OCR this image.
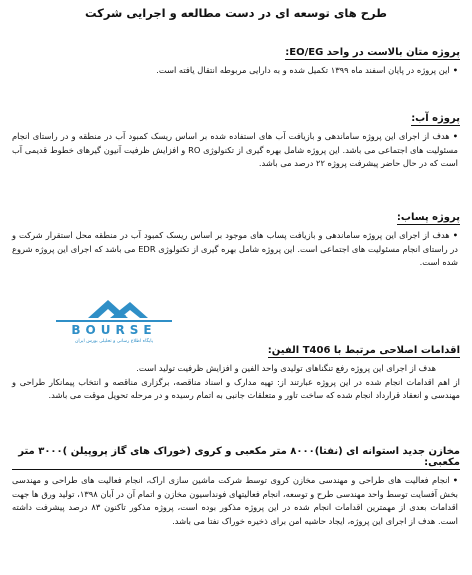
طرح های توسعه ای در دست مطالعه و اجرایی شرکت
پروژه متان بالاست در واحد EO/EG:
•این پروژه در پایان اسفند ماه ۱۳۹۹ تکمیل شده و به دارایی مربوطه انتقال یافته است.
پروژه آب:
•هدف از اجرای این پروژه ساماندهی و بازیافت آب های استفاده شده بر اساس ریسک کمبود آب در منطقه و در راستای انجام مسئولیت های اجتماعی می باشد. این پروژه شامل بهره گیری از تکنولوژی RO و افزایش ظرفیت آنیون گیرهای خطوط قدیمی آب است که در حال حاضر پیشرفت پروژه ۲۲ درصد می باشد.
پروژه پساب:
•هدف از اجرای این پروژه ساماندهی و بازیافت پساب های موجود بر اساس ریسک کمبود آب در منطقه محل استقرار شرکت و در راستای انجام مسئولیت های اجتماعی است. این پروژه شامل بهره گیری از تکنولوژی EDR می باشد که اجرای این پروژه شروع شده است.
21
BOURSE
پایگاه اطلاع رسانی و تحلیلی بورس ایران
اقدامات اصلاحی مرتبط با T406 الفین:
هدف از اجرای این پروژه رفع تنگناهای تولیدی واحد الفین و افزایش ظرفیت تولید است.
از اهم اقدامات انجام شده در این پروژه عبارتند از: تهیه مدارک و اسناد مناقصه، برگزاری مناقصه و انتخاب پیمانکار طراحی و مهندسی و انعقاد قرارداد انجام شده که ساخت تاور و متعلقات جانبی به اتمام رسیده و در مرحله تحویل موقت می باشد.
مخازن جدید استوانه ای (نفتا)۸۰۰۰ متر مکعبی و کروی (خوراک های گاز پروپیلن )۳۰۰۰ متر مکعبی:
•انجام فعالیت های طراحی و مهندسی مخازن کروی توسط شرکت ماشین سازی اراک، انجام فعالیت های طراحی و مهندسی بخش آفسایت توسط واحد مهندسی طرح و توسعه، انجام فعالیتهای فونداسیون مخازن و اتمام آن در آبان ۱۳۹۸، تولید ورق ها جهت اقدامات بعدی از مهمترین اقدامات انجام شده در این پروژه مذکور بوده است، پروژه مذکور تاکنون ۸۳ درصد پیشرفت داشته است. هدف از اجرای این پروژه، ایجاد حاشیه امن برای ذخیره خوراک نفتا می باشد.
